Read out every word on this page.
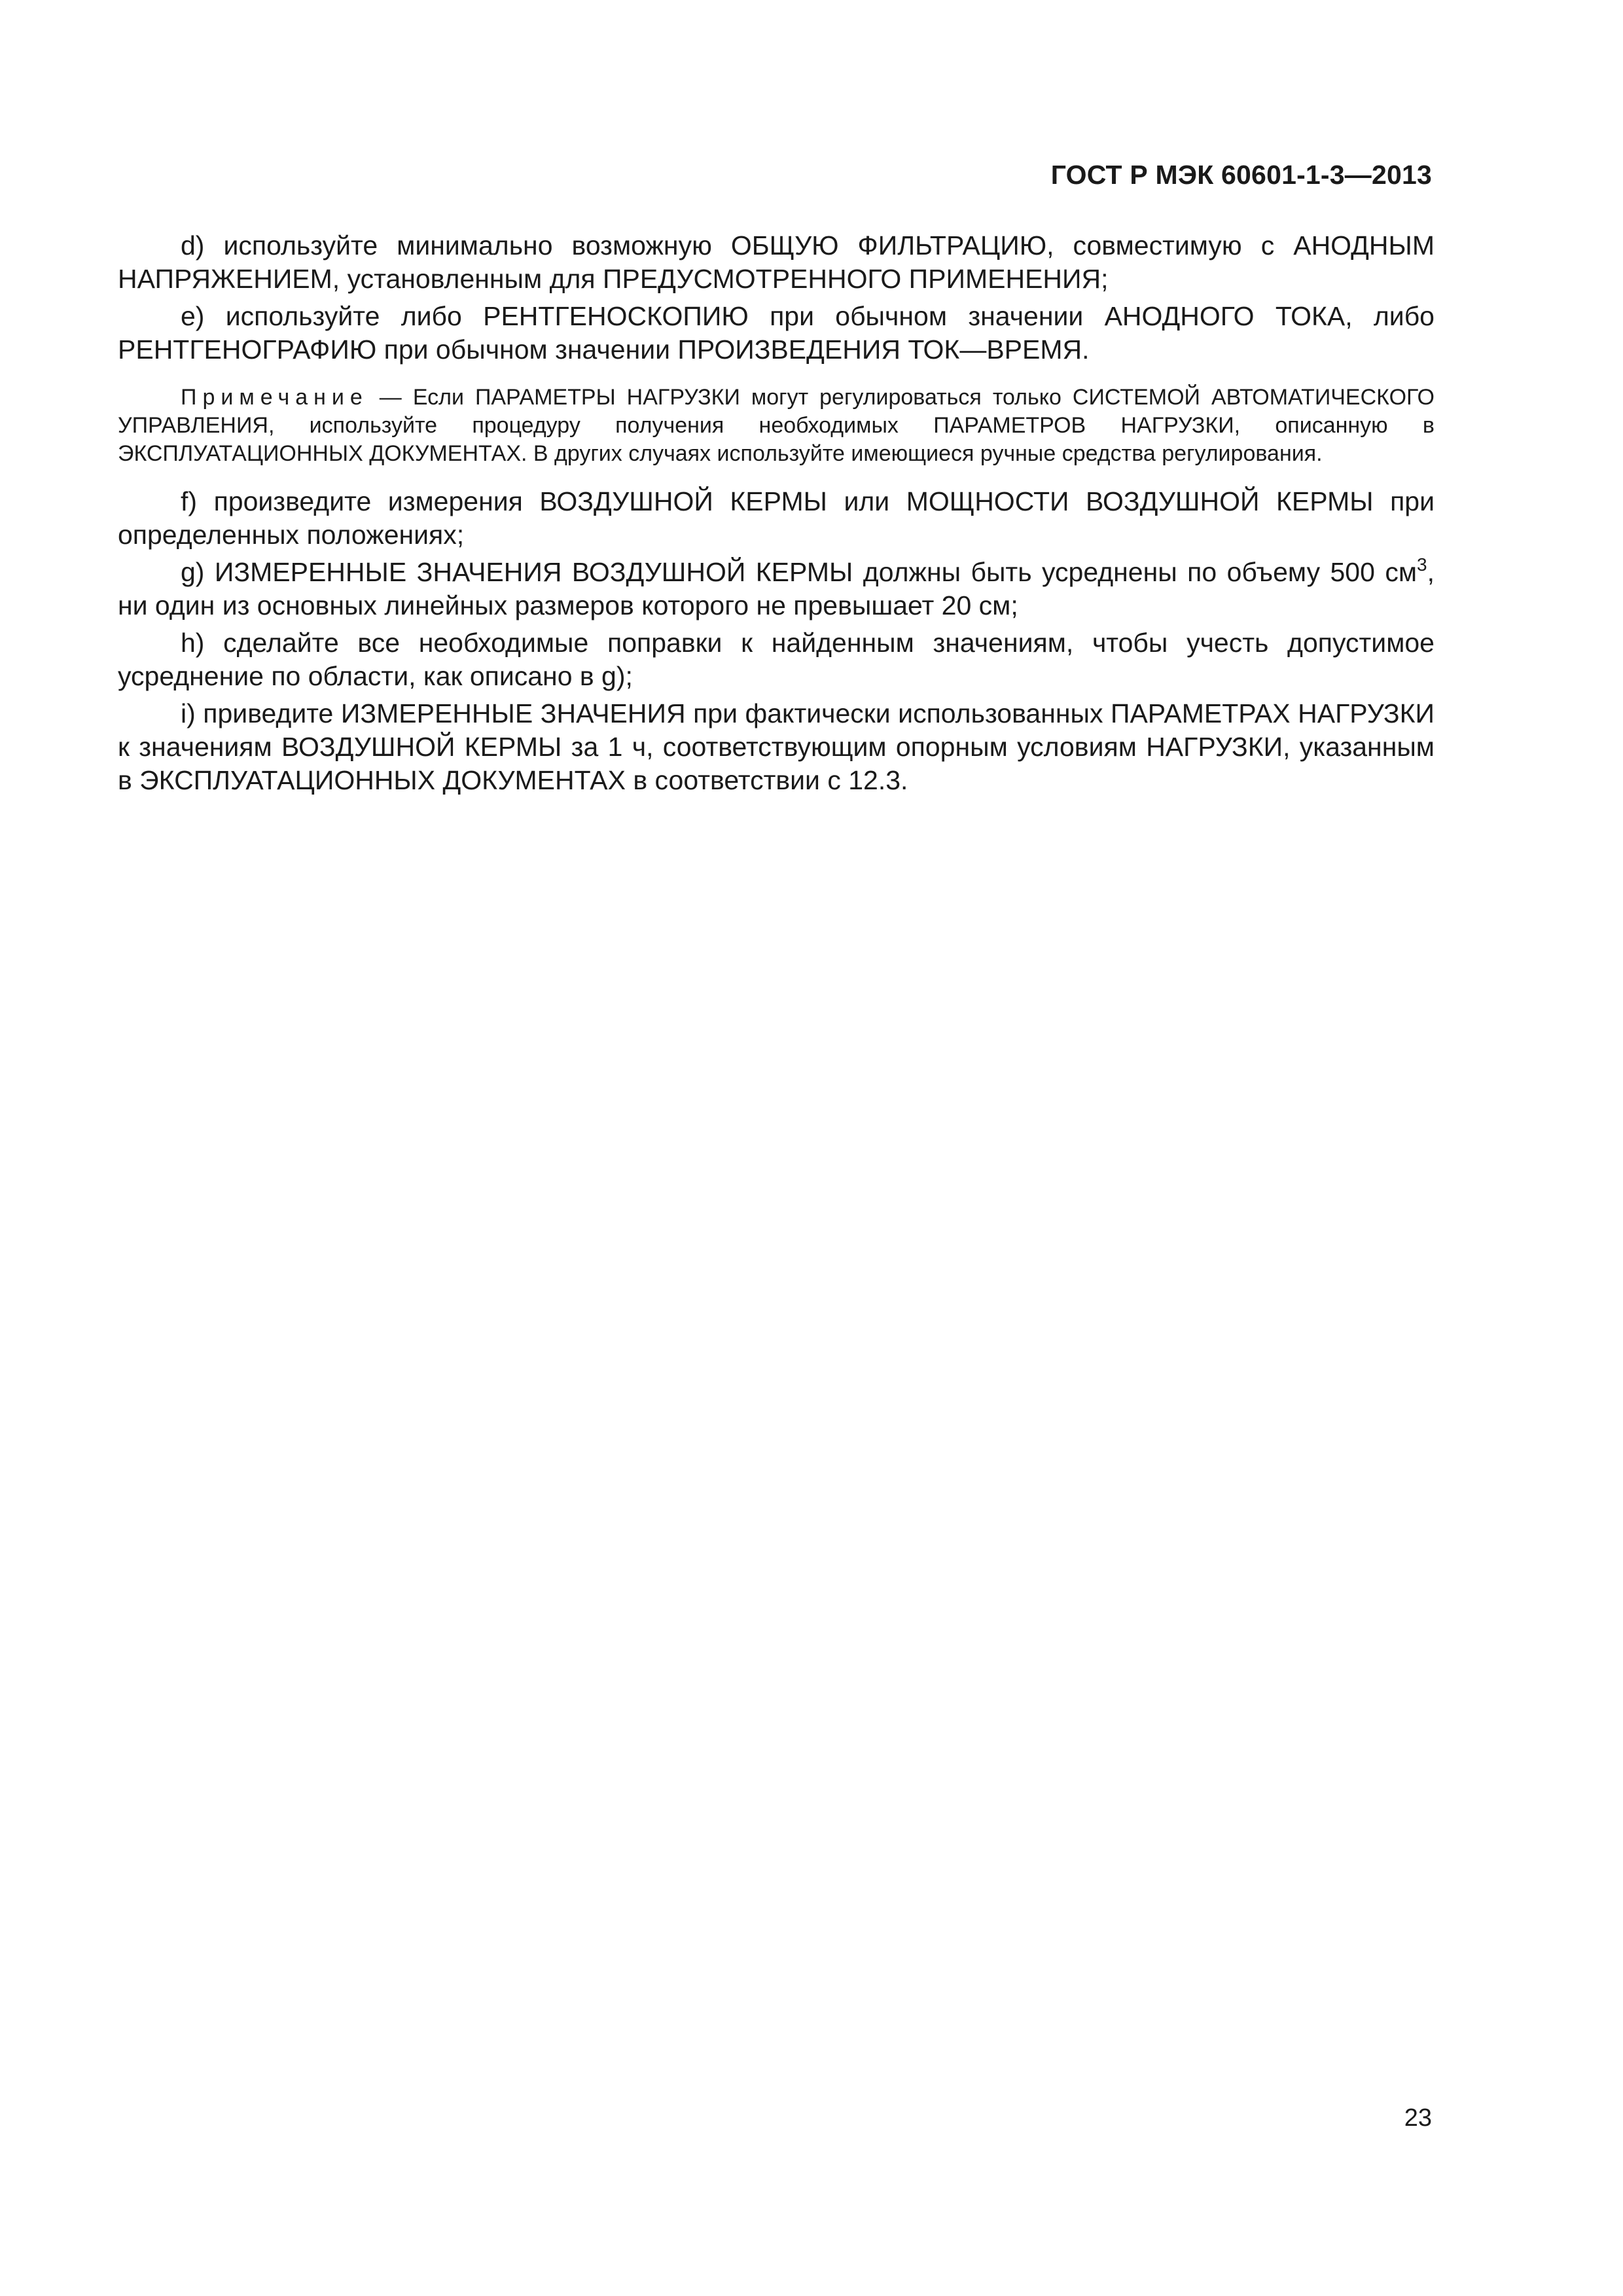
ГОСТ Р МЭК 60601-1-3—2013

d) используйте минимально возможную ОБЩУЮ ФИЛЬТРАЦИЮ, совместимую с АНОДНЫМ НАПРЯЖЕНИЕМ, установленным для ПРЕДУСМОТРЕННОГО ПРИМЕНЕНИЯ;

e) используйте либо РЕНТГЕНОСКОПИЮ при обычном значении АНОДНОГО ТОКА, либо РЕНТГЕНОГРАФИЮ при обычном значении ПРОИЗВЕДЕНИЯ ТОК—ВРЕМЯ.

Примечание — Если ПАРАМЕТРЫ НАГРУЗКИ могут регулироваться только СИСТЕМОЙ АВТОМАТИЧЕСКОГО УПРАВЛЕНИЯ, используйте процедуру получения необходимых ПАРАМЕТРОВ НАГРУЗКИ, описанную в ЭКСПЛУАТАЦИОННЫХ ДОКУМЕНТАХ. В других случаях используйте имеющиеся ручные средства регулирования.

f) произведите измерения ВОЗДУШНОЙ КЕРМЫ или МОЩНОСТИ ВОЗДУШНОЙ КЕРМЫ при определенных положениях;

g) ИЗМЕРЕННЫЕ ЗНАЧЕНИЯ ВОЗДУШНОЙ КЕРМЫ должны быть усреднены по объему 500 $см^3$, ни один из основных линейных размеров которого не превышает 20 см;

h) сделайте все необходимые поправки к найденным значениям, чтобы учесть допустимое усреднение по области, как описано в g);

i) приведите ИЗМЕРЕННЫЕ ЗНАЧЕНИЯ при фактически использованных ПАРАМЕТРАХ НАГРУЗКИ к значениям ВОЗДУШНОЙ КЕРМЫ за 1 ч, соответствующим опорным условиям НАГРУЗКИ, указанным в ЭКСПЛУАТАЦИОННЫХ ДОКУМЕНТАХ в соответствии с 12.3.

23
